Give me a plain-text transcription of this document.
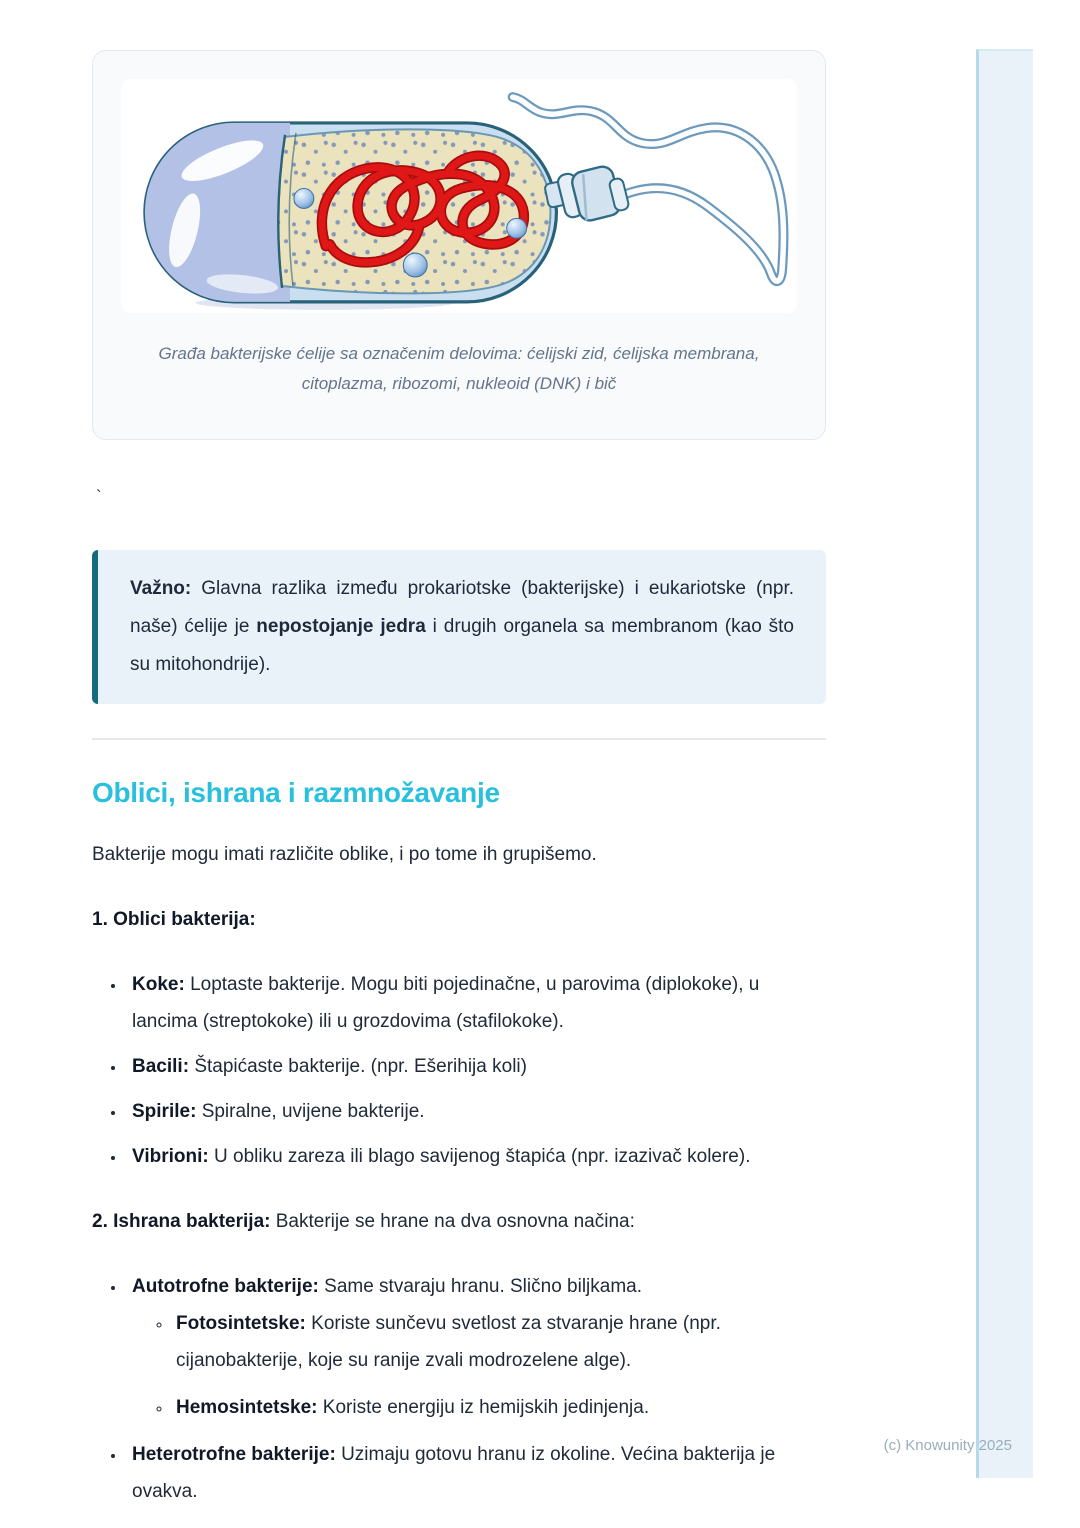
Građa bakterijske ćelije sa označenim delovima: ćelijski zid, ćelijska membrana, citoplazma, ribozomi, nukleoid (DNK) i bič

`

Važno: Glavna razlika između prokariotske (bakterijske) i eukariotske (npr. naše) ćelije je nepostojanje jedra i drugih organela sa membranom (kao što su mitohondrije).

Oblici, ishrana i razmnožavanje

Bakterije mogu imati različite oblike, i po tome ih grupišemo.

1. Oblici bakterija:

• Koke: Loptaste bakterije. Mogu biti pojedinačne, u parovima (diplokoke), u lancima (streptokoke) ili u grozdovima (stafilokoke).
• Bacili: Štapićaste bakterije. (npr. Ešerihija koli)
• Spirile: Spiralne, uvijene bakterije.
• Vibrioni: U obliku zareza ili blago savijenog štapića (npr. izazivač kolere).

2. Ishrana bakterija: Bakterije se hrane na dva osnovna načina:

• Autotrofne bakterije: Same stvaraju hranu. Slično biljkama.
◦ Fotosintetske: Koriste sunčevu svetlost za stvaranje hrane (npr. cijanobakterije, koje su ranije zvali modrozelene alge).
◦ Hemosintetske: Koriste energiju iz hemijskih jedinjenja.
• Heterotrofne bakterije: Uzimaju gotovu hranu iz okoline. Većina bakterija je ovakva.
(c) Knowunity 2025
